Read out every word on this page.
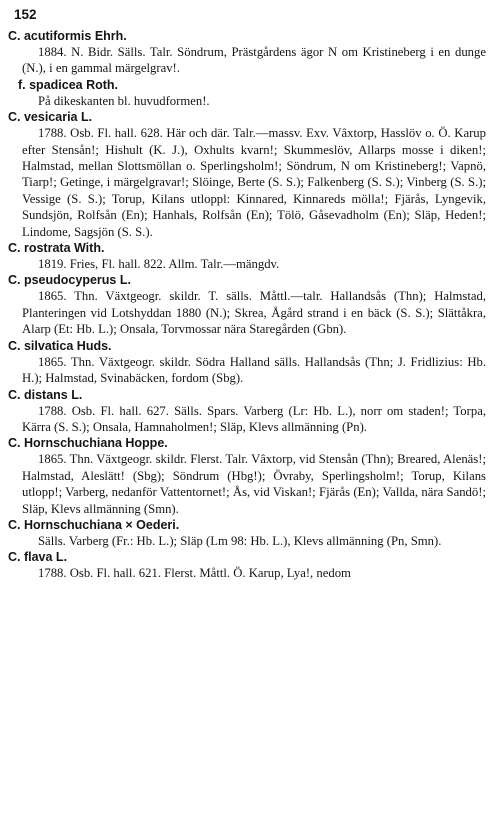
152
C. acutiformis Ehrh.
1884. N. Bidr. Sälls. Talr. Söndrum, Prästgårdens ägor N om Kristineberg i en dunge (N.), i en gammal märgelgrav!.
f. spadicea Roth.
På dikeskanten bl. huvudformen!.
C. vesicaria L.
1788. Osb. Fl. hall. 628. Här och där. Talr.—massv. Exv. Vâxtorp, Hasslöv o. Ö. Karup efter Stensån!; Hishult (K. J.), Oxhults kvarn!; Skummeslöv, Allarps mosse i diken!; Halmstad, mellan Slottsmöllan o. Sperlingsholm!; Söndrum, N om Kristineberg!; Vapnö, Tiarp!; Getinge, i märgelgravar!; Slöinge, Berte (S. S.); Falkenberg (S. S.); Vinberg (S. S.); Vessige (S. S.); Torup, Kilans utloppl: Kinnared, Kinnareds mölla!; Fjärås, Lyngevik, Sundsjön, Rolfsån (En); Hanhals, Rolfsån (En); Tölö, Gåsevadholm (En); Släp, Heden!; Lindome, Sagsjön (S. S.).
C. rostrata With.
1819. Fries, Fl. hall. 822. Allm. Talr.—mängdv.
C. pseudocyperus L.
1865. Thn. Växtgeogr. skildr. T. sälls. Måttl.—talr. Hallandsås (Thn); Halmstad, Planteringen vid Lotshyddan 1880 (N.); Skrea, Ågård strand i en bäck (S. S.); Slättåkra, Alarp (Et: Hb. L.); Onsala, Torvmossar nära Staregården (Gbn).
C. silvatica Huds.
1865. Thn. Växtgeogr. skildr. Södra Halland sälls. Hallandsås (Thn; J. Fridlizius: Hb. H.); Halmstad, Svinabäcken, fordom (Sbg).
C. distans L.
1788. Osb. Fl. hall. 627. Sälls. Spars. Varberg (Lr: Hb. L.), norr om staden!; Torpa, Kärra (S. S.); Onsala, Hamnaholmen!; Släp, Klevs allmänning (Pn).
C. Hornschuchiana Hoppe.
1865. Thn. Växtgeogr. skildr. Flerst. Talr. Vâxtorp, vid Stensån (Thn); Breared, Alenäs!; Halmstad, Aleslätt! (Sbg); Söndrum (Hbg!); Övraby, Sperlingsholm!; Torup, Kilans utlopp!; Varberg, nedanför Vattentornet!; Ås, vid Viskan!; Fjärås (En); Vallda, nära Sandö!; Släp, Klevs allmänning (Smn).
C. Hornschuchiana × Oederi.
Sälls. Varberg (Fr.: Hb. L.); Släp (Lm 98: Hb. L.), Klevs allmänning (Pn, Smn).
C. flava L.
1788. Osb. Fl. hall. 621. Flerst. Måttl. Ö. Karup, Lya!, nedom
